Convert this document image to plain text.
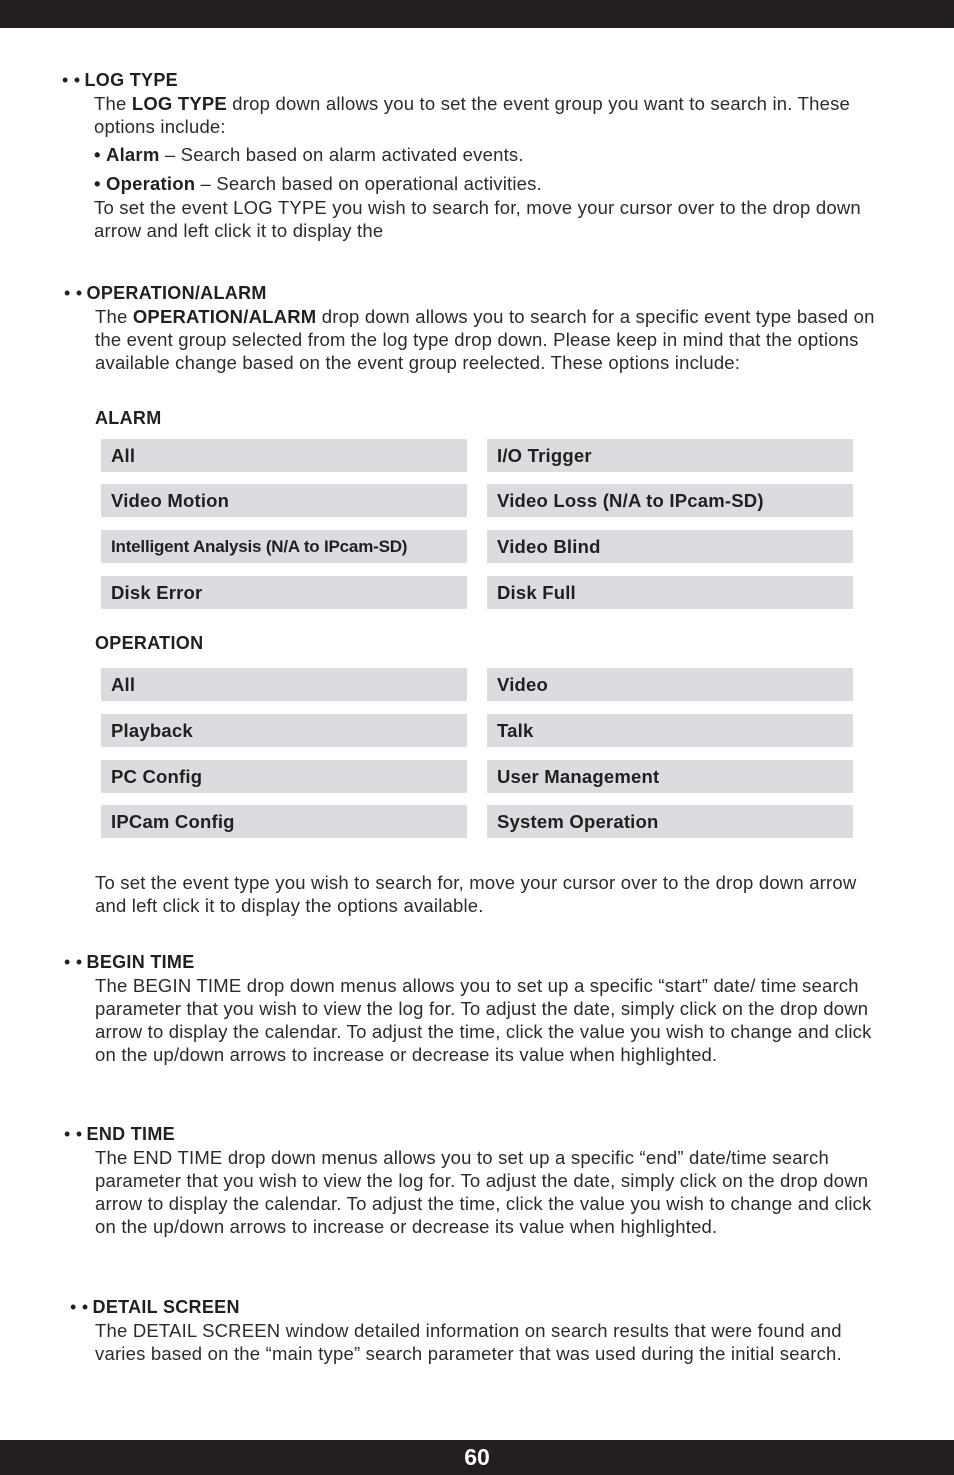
• • LOG TYPE

The LOG TYPE drop down allows you to set the event group you want to search in. These options include:

• Alarm – Search based on alarm activated events.
• Operation – Search based on operational activities.

To set the event LOG TYPE you wish to search for, move your cursor over to the drop down arrow and left click it to display the

• • OPERATION/ALARM

The OPERATION/ALARM drop down allows you to search for a specific event type based on the event group selected from the log type drop down. Please keep in mind that the options available change based on the event group reelected. These options include:

ALARM
All	I/O Trigger
Video Motion	Video Loss (N/A to IPcam-SD)
Intelligent Analysis (N/A to IPcam-SD)	Video Blind
Disk Error	Disk Full
OPERATION
All	Video
Playback	Talk
PC Config	User Management
IPCam Config	System Operation

To set the event type you wish to search for, move your cursor over to the drop down arrow and left click it to display the options available.

• • BEGIN TIME

The BEGIN TIME drop down menus allows you to set up a specific “start” date/ time search parameter that you wish to view the log for. To adjust the date, simply click on the drop down arrow to display the calendar. To adjust the time, click the value you wish to change and click on the up/down arrows to increase or decrease its value when highlighted.

• • END TIME

The END TIME drop down menus allows you to set up a specific “end” date/time search parameter that you wish to view the log for. To adjust the date, simply click on the drop down arrow to display the calendar. To adjust the time, click the value you wish to change and click on the up/down arrows to increase or decrease its value when highlighted.

• • DETAIL SCREEN

The DETAIL SCREEN window detailed information on search results that were found and varies based on the “main type” search parameter that was used during the initial search.

60
